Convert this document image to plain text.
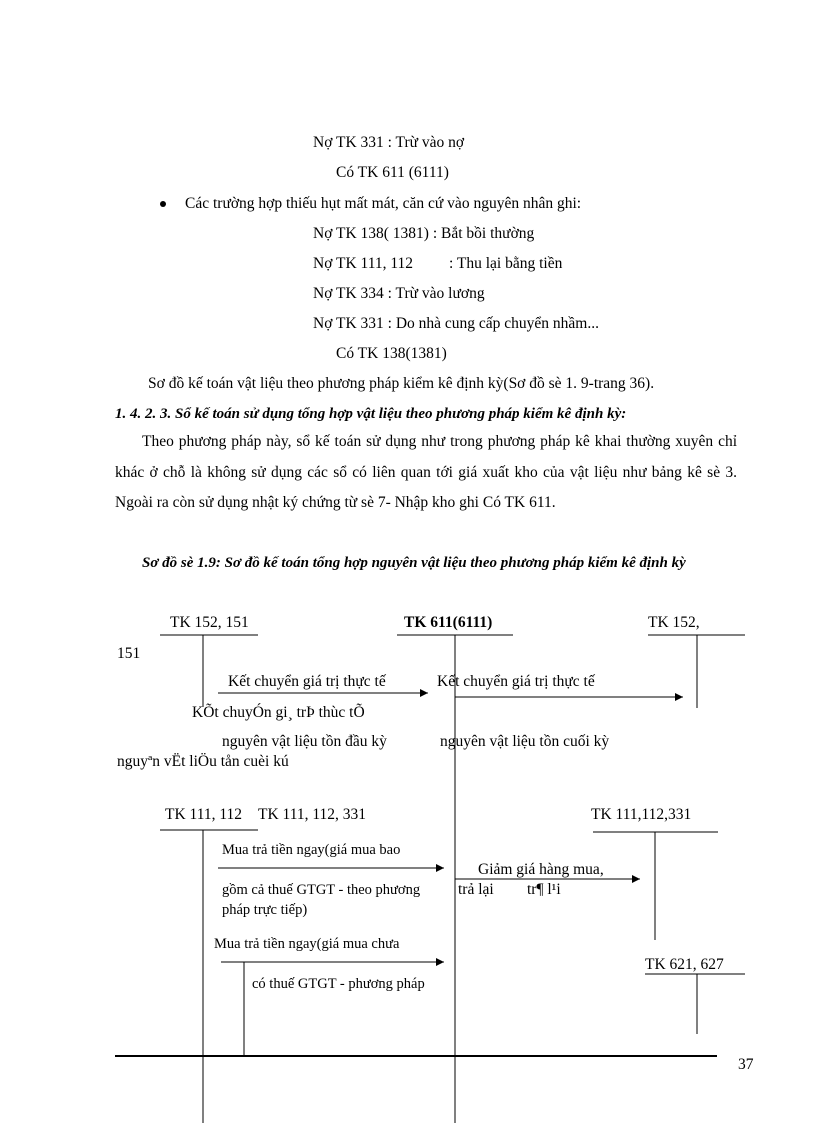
Nợ TK 331 : Trừ vào nợ
Có TK 611 (6111)
Các trường hợp thiếu hụt mất mát, căn cứ vào nguyên nhân ghi:
Nợ TK 138( 1381) : Bắt bồi thường
Nợ TK 111, 112 : Thu lại bằng tiền
Nợ TK 334 : Trừ vào lương
Nợ TK 331 : Do nhà cung cấp chuyển nhầm...
Có TK 138(1381)
Sơ đồ kế toán vật liệu theo phương pháp kiểm kê định kỳ(Sơ đồ sè 1. 9-trang 36).
1. 4. 2. 3. Sổ kế toán sử dụng tổng hợp vật liệu theo phương pháp kiểm kê định kỳ:
Theo phương pháp này, sổ kế toán sử dụng như trong phương pháp kê khai thường xuyên chỉ khác ở chỗ là không sử dụng các sổ có liên quan tới giá xuất kho của vật liệu như bảng kê sè 3. Ngoài ra còn sử dụng nhật ký chứng từ sè 7- Nhập kho ghi Có TK 611.
Sơ đồ sè 1.9: Sơ đồ kế toán tổng hợp nguyên vật liệu theo phương pháp kiểm kê định kỳ
TK 152, 151	TK 611(6111)	TK 152,
151
Kết chuyển giá trị thực tế	Kết chuyển giá trị thực tế
KÕt chuyÓn gi¸ trÞ thùc tÕ
nguyên vật liệu tồn đầu kỳ	nguyên vật liệu tồn cuối kỳ
nguyªn vËt liÖu tån cuèi kú
TK 111, 112 TK 111, 112, 331	TK 111,112,331
Mua trả tiền ngay(giá mua bao
Giảm giá hàng mua,
gồm cả thuế GTGT - theo phương trả lại tr¶ l¹i
pháp trực tiếp)
Mua trả tiền ngay(giá mua chưa
TK 621, 627
có thuế GTGT - phương pháp
37
